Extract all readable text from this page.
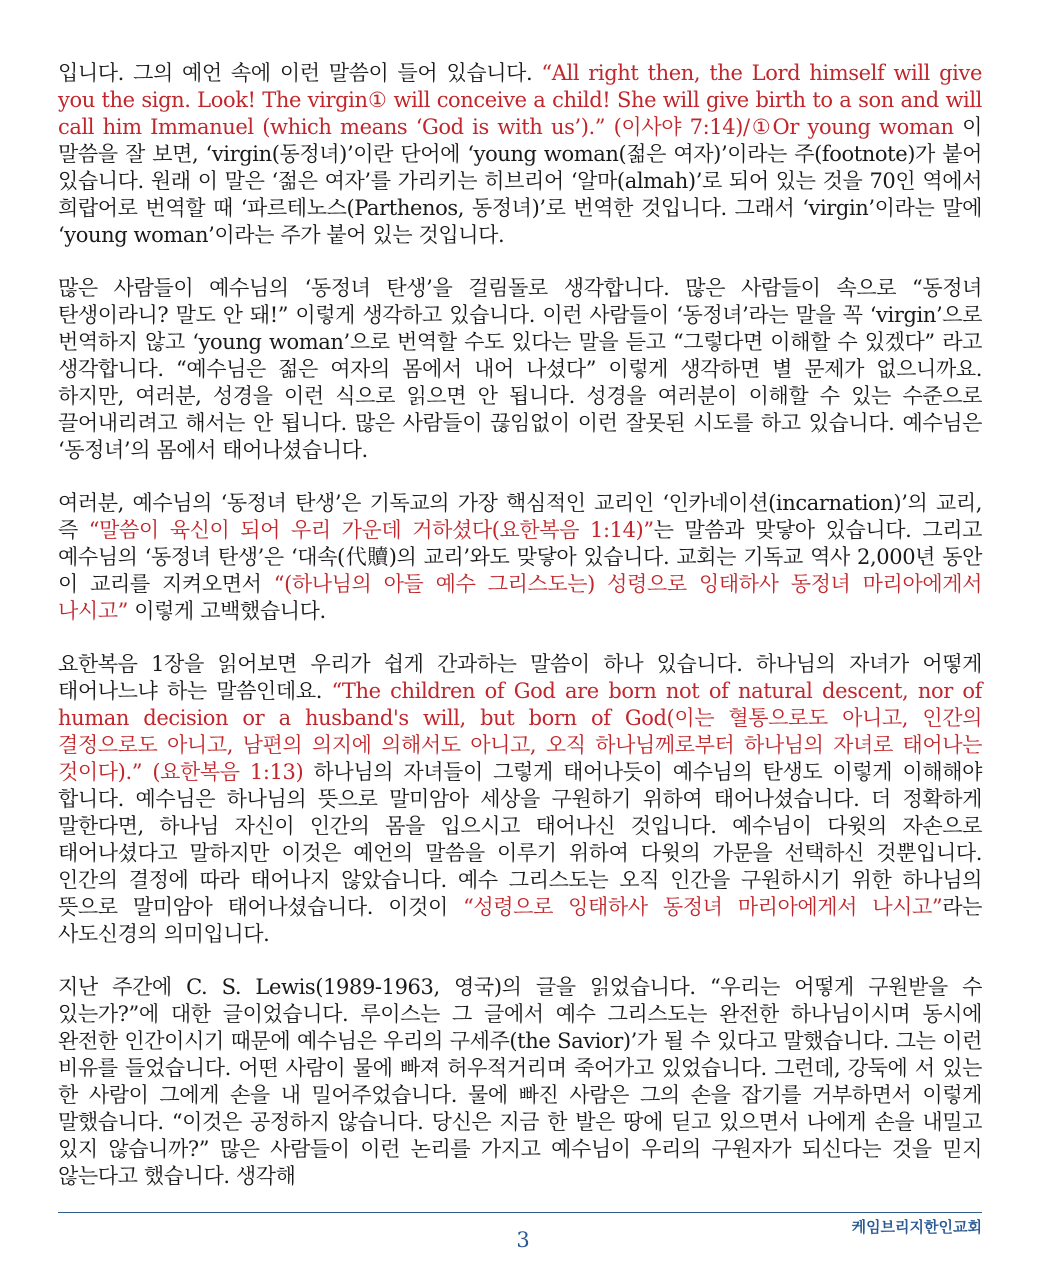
입니다. 그의 예언 속에 이런 말씀이 들어 있습니다. “All right then, the Lord himself will give you the sign. Look! The virgin① will conceive a child! She will give birth to a son and will call him Immanuel (which means ‘God is with us’).” (이사야 7:14)/①Or young woman 이 말씀을 잘 보면, ‘virgin(동정녀)’이란 단어에 ‘young woman(젊은 여자)’이라는 주(footnote)가 붙어 있습니다. 원래 이 말은 ‘젊은 여자’를 가리키는 히브리어 ‘알마(almah)’로 되어 있는 것을 70인 역에서 희랍어로 번역할 때 ‘파르테노스(Parthenos, 동정녀)’로 번역한 것입니다. 그래서 ‘virgin’이라는 말에 ‘young woman’이라는 주가 붙어 있는 것입니다.

많은 사람들이 예수님의 ‘동정녀 탄생’을 걸림돌로 생각합니다. 많은 사람들이 속으로 “동정녀 탄생이라니? 말도 안 돼!” 이렇게 생각하고 있습니다. 이런 사람들이 ‘동정녀’라는 말을 꼭 ‘virgin’으로 번역하지 않고 ‘young woman’으로 번역할 수도 있다는 말을 듣고 “그렇다면 이해할 수 있겠다” 라고 생각합니다. “예수님은 젊은 여자의 몸에서 내어 나셨다” 이렇게 생각하면 별 문제가 없으니까요. 하지만, 여러분, 성경을 이런 식으로 읽으면 안 됩니다. 성경을 여러분이 이해할 수 있는 수준으로 끌어내리려고 해서는 안 됩니다. 많은 사람들이 끊임없이 이런 잘못된 시도를 하고 있습니다. 예수님은 ‘동정녀’의 몸에서 태어나셨습니다.

여러분, 예수님의 ‘동정녀 탄생’은 기독교의 가장 핵심적인 교리인 ‘인카네이션(incarnation)’의 교리, 즉 “말씀이 육신이 되어 우리 가운데 거하셨다(요한복음 1:14)”는 말씀과 맞닿아 있습니다. 그리고 예수님의 ‘동정녀 탄생’은 ‘대속(代贖)의 교리’와도 맞닿아 있습니다. 교회는 기독교 역사 2,000년 동안 이 교리를 지켜오면서 “(하나님의 아들 예수 그리스도는) 성령으로 잉태하사 동정녀 마리아에게서 나시고” 이렇게 고백했습니다.

요한복음 1장을 읽어보면 우리가 쉽게 간과하는 말씀이 하나 있습니다. 하나님의 자녀가 어떻게 태어나느냐 하는 말씀인데요. “The children of God are born not of natural descent, nor of human decision or a husband's will, but born of God(이는 혈통으로도 아니고, 인간의 결정으로도 아니고, 남편의 의지에 의해서도 아니고, 오직 하나님께로부터 하나님의 자녀로 태어나는 것이다).” (요한복음 1:13) 하나님의 자녀들이 그렇게 태어나듯이 예수님의 탄생도 이렇게 이해해야 합니다. 예수님은 하나님의 뜻으로 말미암아 세상을 구원하기 위하여 태어나셨습니다. 더 정확하게 말한다면, 하나님 자신이 인간의 몸을 입으시고 태어나신 것입니다. 예수님이 다윗의 자손으로 태어나셨다고 말하지만 이것은 예언의 말씀을 이루기 위하여 다윗의 가문을 선택하신 것뿐입니다. 인간의 결정에 따라 태어나지 않았습니다. 예수 그리스도는 오직 인간을 구원하시기 위한 하나님의 뜻으로 말미암아 태어나셨습니다. 이것이 “성령으로 잉태하사 동정녀 마리아에게서 나시고”라는 사도신경의 의미입니다.

지난 주간에 C. S. Lewis(1989-1963, 영국)의 글을 읽었습니다. “우리는 어떻게 구원받을 수 있는가?”에 대한 글이었습니다. 루이스는 그 글에서 예수 그리스도는 완전한 하나님이시며 동시에 완전한 인간이시기 때문에 예수님은 우리의 구세주(the Savior)’가 될 수 있다고 말했습니다. 그는 이런 비유를 들었습니다. 어떤 사람이 물에 빠져 허우적거리며 죽어가고 있었습니다. 그런데, 강둑에 서 있는 한 사람이 그에게 손을 내 밀어주었습니다. 물에 빠진 사람은 그의 손을 잡기를 거부하면서 이렇게 말했습니다. “이것은 공정하지 않습니다. 당신은 지금 한 발은 땅에 딛고 있으면서 나에게 손을 내밀고 있지 않습니까?” 많은 사람들이 이런 논리를 가지고 예수님이 우리의 구원자가 되신다는 것을 믿지 않는다고 했습니다. 생각해

케임브리지한인교회
3
